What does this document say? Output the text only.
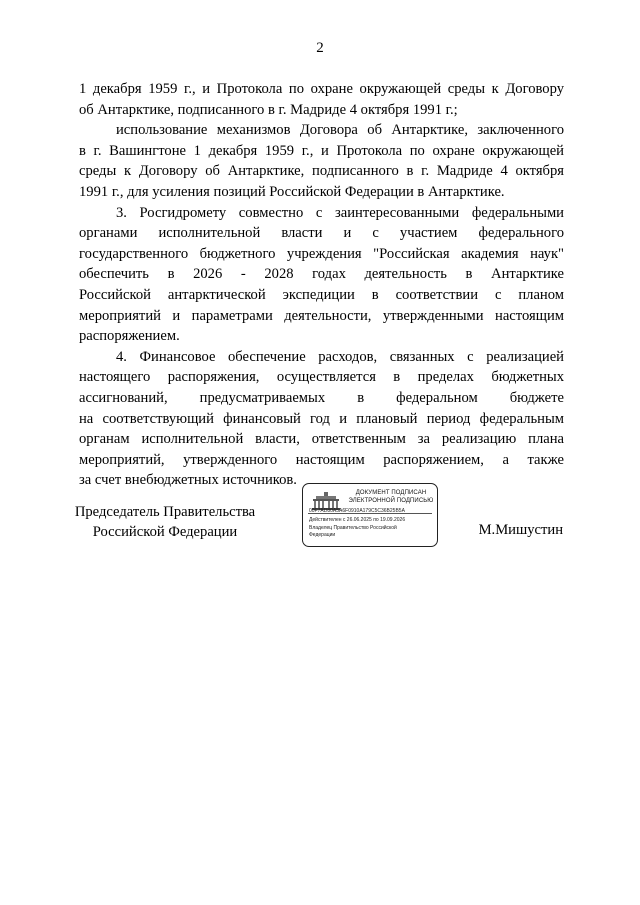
2
1 декабря 1959 г., и Протокола по охране окружающей среды к Договору
об Антарктике, подписанного в г. Мадриде 4 октября 1991 г.;
использование механизмов Договора об Антарктике, заключенного
в г. Вашингтоне 1 декабря 1959 г., и Протокола по охране окружающей
среды к Договору об Антарктике, подписанного в г. Мадриде 4 октября
1991 г., для усиления позиций Российской Федерации в Антарктике.
3. Росгидромету совместно с заинтересованными федеральными
органами исполнительной власти и с участием федерального
государственного бюджетного учреждения "Российская академия наук"
обеспечить в 2026 - 2028 годах деятельность в Антарктике
Российской антарктической экспедиции в соответствии с планом
мероприятий и параметрами деятельности, утвержденными настоящим
распоряжением.
4. Финансовое обеспечение расходов, связанных с реализацией
настоящего распоряжения, осуществляется в пределах бюджетных
ассигнований, предусматриваемых в федеральном бюджете
на соответствующий финансовый год и плановый период федеральным
органам исполнительной власти, ответственным за реализацию плана
мероприятий, утвержденного настоящим распоряжением, а также
за счет внебюджетных источников.
Председатель Правительства
Российской Федерации
ДОКУМЕНТ ПОДПИСАН
ЭЛЕКТРОННОЙ ПОДПИСЬЮ
00F7AD80A5A6F0910A179C5C36B25B5A
Действителен с 26.06.2025 по 19.09.2026
Владелец Правительство Российской
Федерации	М.Мишустин
